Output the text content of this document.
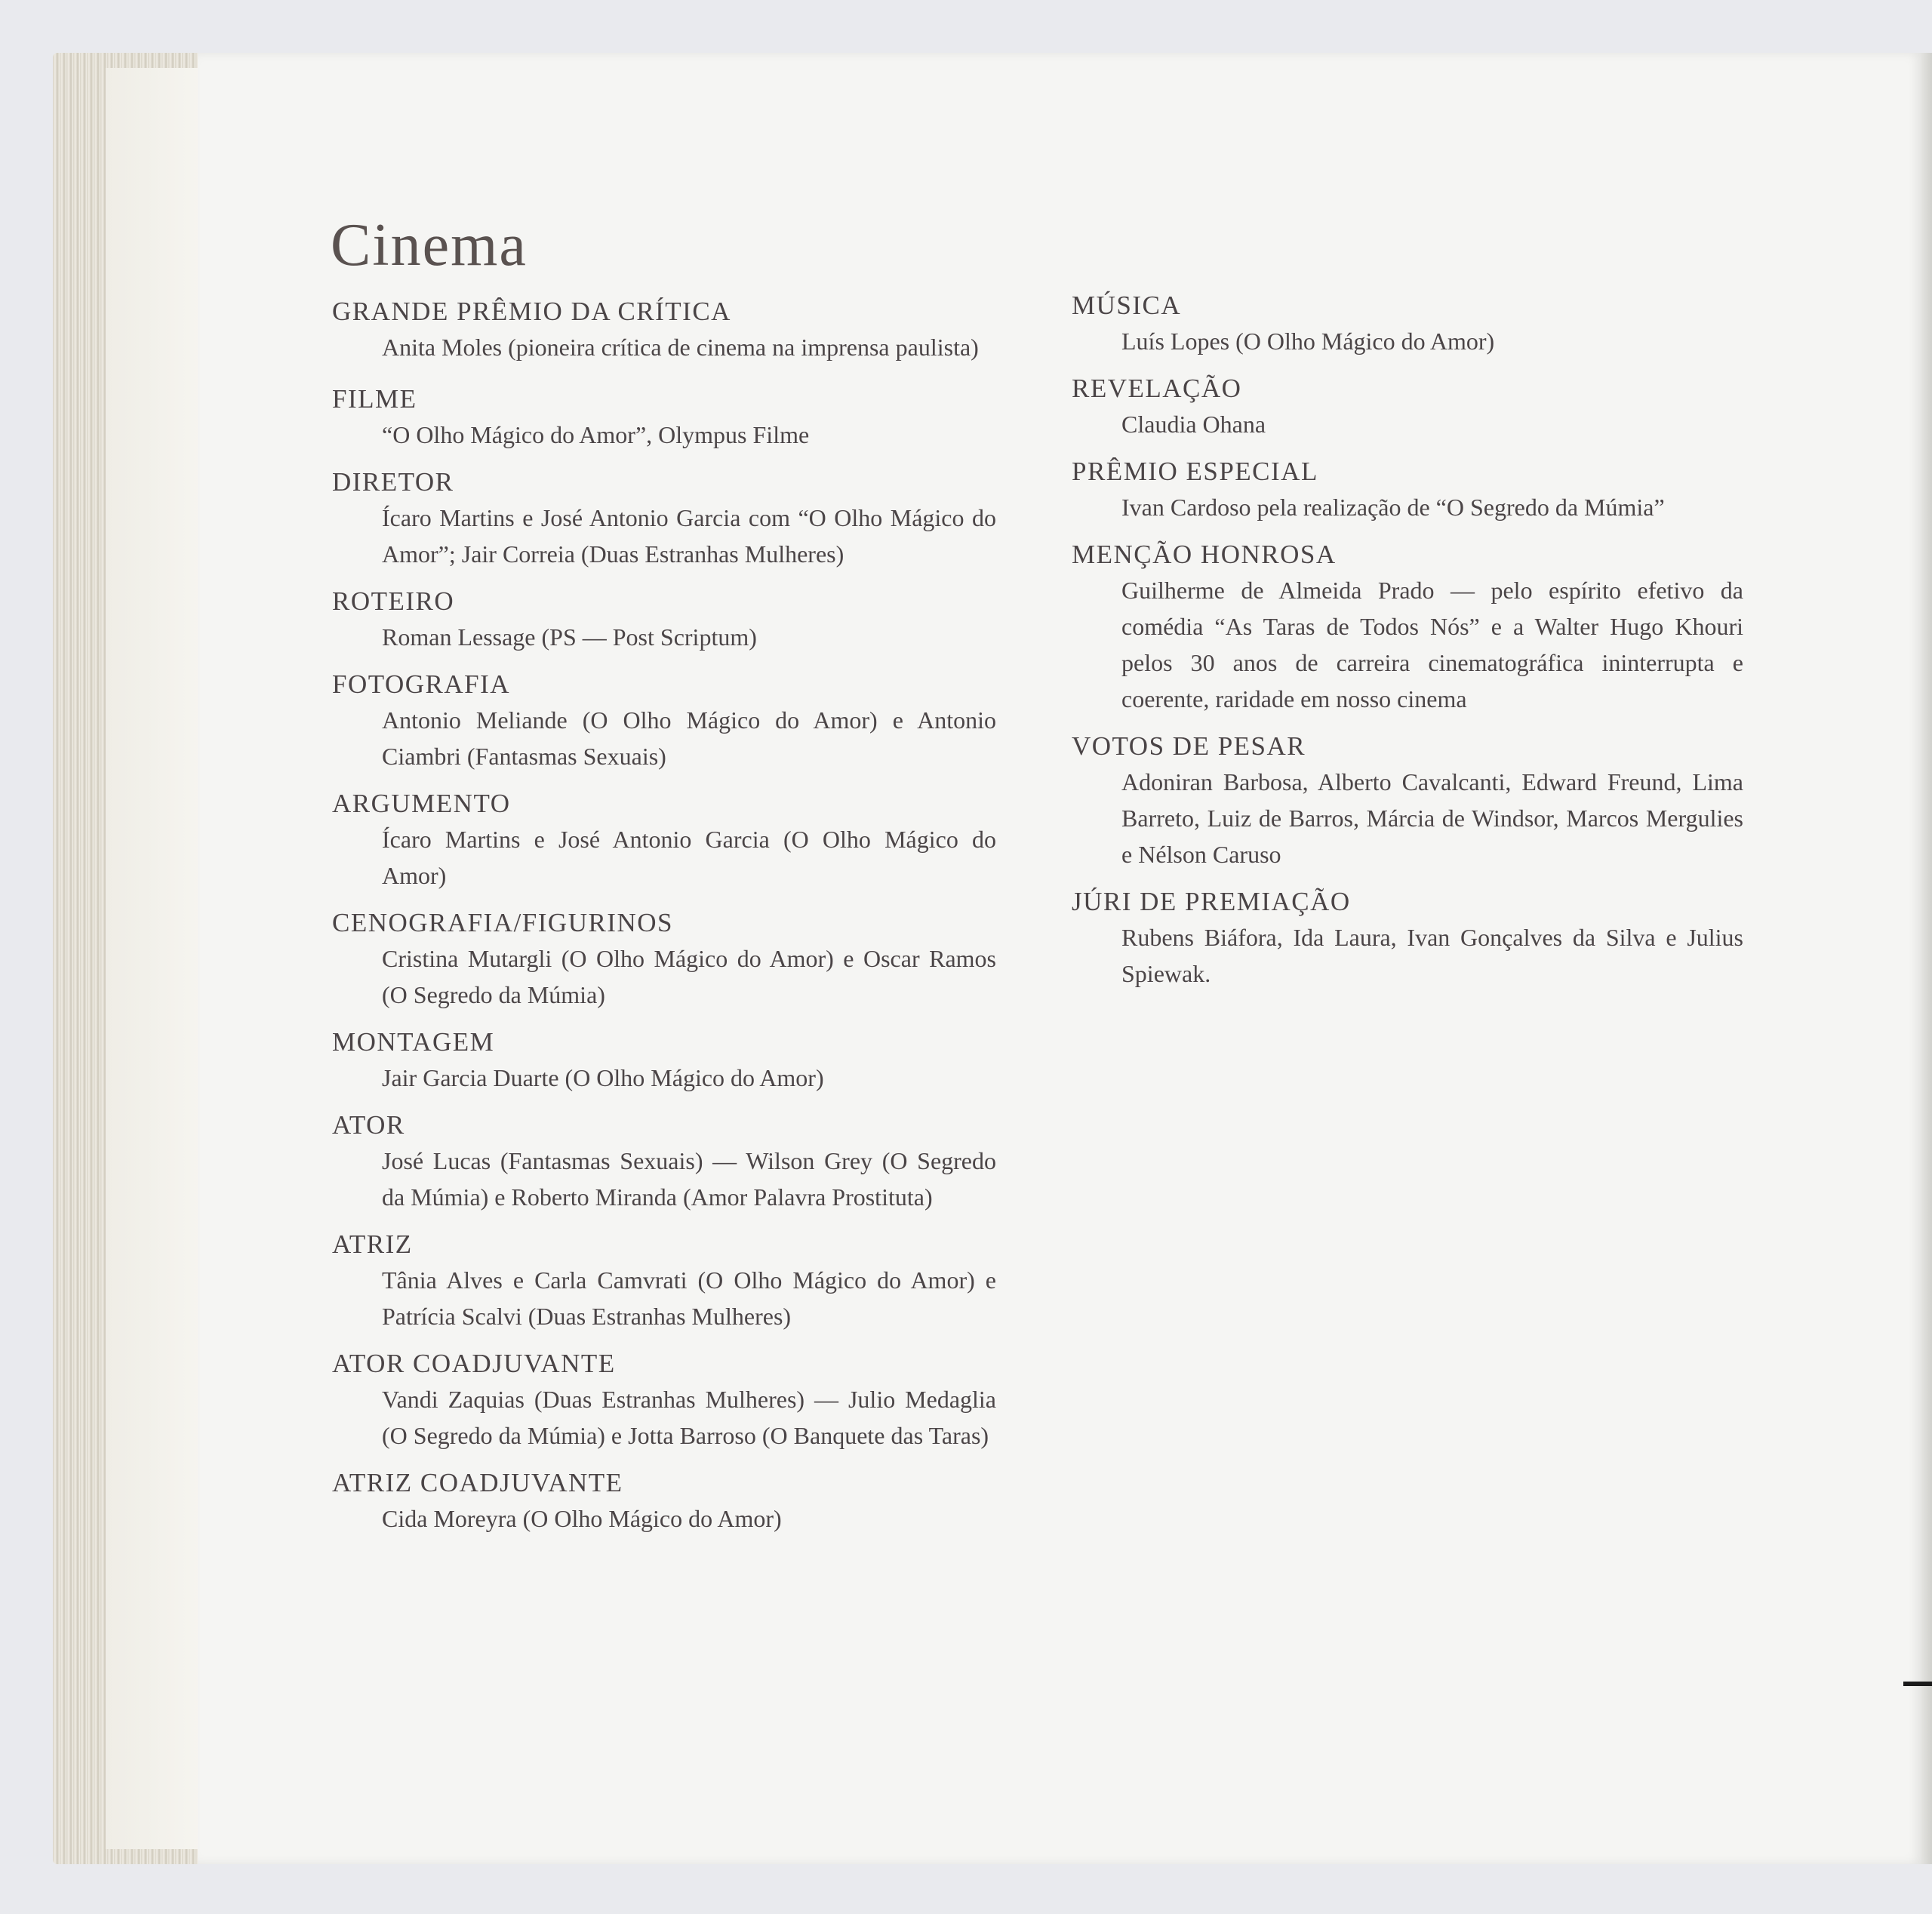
Cinema
GRANDE PRÊMIO DA CRÍTICA
Anita Moles (pioneira crítica de cinema na imprensa paulista)
FILME
“O Olho Mágico do Amor”, Olympus Filme
DIRETOR
Ícaro Martins e José Antonio Garcia com “O Olho Mágico do Amor”; Jair Correia (Duas Estranhas Mulheres)
ROTEIRO
Roman Lessage (PS — Post Scriptum)
FOTOGRAFIA
Antonio Meliande (O Olho Mágico do Amor) e Antonio Ciambri (Fantasmas Sexuais)
ARGUMENTO
Ícaro Martins e José Antonio Garcia (O Olho Mágico do Amor)
CENOGRAFIA/FIGURINOS
Cristina Mutargli (O Olho Mágico do Amor) e Oscar Ramos (O Segredo da Múmia)
MONTAGEM
Jair Garcia Duarte (O Olho Mágico do Amor)
ATOR
José Lucas (Fantasmas Sexuais) — Wilson Grey (O Segredo da Múmia) e Roberto Miranda (Amor Palavra Prostituta)
ATRIZ
Tânia Alves e Carla Camvrati (O Olho Mágico do Amor) e Patrícia Scalvi (Duas Estranhas Mulheres)
ATOR COADJUVANTE
Vandi Zaquias (Duas Estranhas Mulheres) — Julio Medaglia (O Segredo da Múmia) e Jotta Barroso (O Banquete das Taras)
ATRIZ COADJUVANTE
Cida Moreyra (O Olho Mágico do Amor)
MÚSICA
Luís Lopes (O Olho Mágico do Amor)
REVELAÇÃO
Claudia Ohana
PRÊMIO ESPECIAL
Ivan Cardoso pela realização de “O Segredo da Múmia”
MENÇÃO HONROSA
Guilherme de Almeida Prado — pelo espírito efetivo da comédia “As Taras de Todos Nós” e a Walter Hugo Khouri pelos 30 anos de carreira cinematográfica ininterrupta e coerente, raridade em nosso cinema
VOTOS DE PESAR
Adoniran Barbosa, Alberto Cavalcanti, Edward Freund, Lima Barreto, Luiz de Barros, Márcia de Windsor, Marcos Mergulies e Nélson Caruso
JÚRI DE PREMIAÇÃO
Rubens Biáfora, Ida Laura, Ivan Gonçalves da Silva e Julius Spiewak.
